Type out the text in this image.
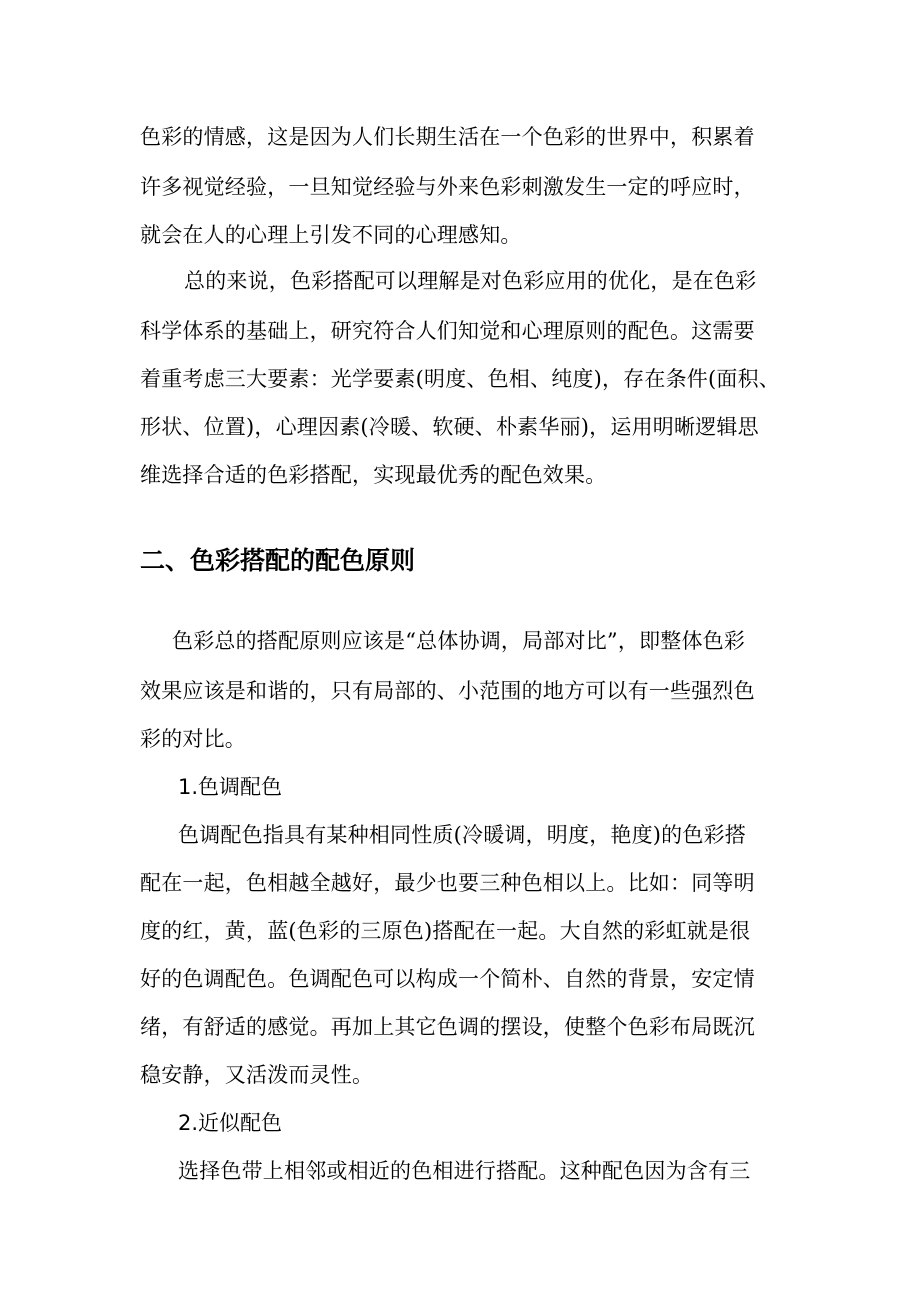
色彩的情感，这是因为人们长期生活在一个色彩的世界中，积累着
许多视觉经验，一旦知觉经验与外来色彩刺激发生一定的呼应时，
就会在人的心理上引发不同的心理感知。
总的来说，色彩搭配可以理解是对色彩应用的优化，是在色彩
科学体系的基础上，研究符合人们知觉和心理原则的配色。这需要
着重考虑三大要素：光学要素(明度、色相、纯度)，存在条件(面积、
形状、位置)，心理因素(冷暖、软硬、朴素华丽)，运用明晰逻辑思
维选择合适的色彩搭配，实现最优秀的配色效果。
二、色彩搭配的配色原则
色彩总的搭配原则应该是“总体协调，局部对比”，即整体色彩
效果应该是和谐的，只有局部的、小范围的地方可以有一些强烈色
彩的对比。
1.色调配色
色调配色指具有某种相同性质(冷暖调，明度，艳度)的色彩搭
配在一起，色相越全越好，最少也要三种色相以上。比如：同等明
度的红，黄，蓝(色彩的三原色)搭配在一起。大自然的彩虹就是很
好的色调配色。色调配色可以构成一个简朴、自然的背景，安定情
绪，有舒适的感觉。再加上其它色调的摆设，使整个色彩布局既沉
稳安静，又活泼而灵性。
2.近似配色
选择色带上相邻或相近的色相进行搭配。这种配色因为含有三
